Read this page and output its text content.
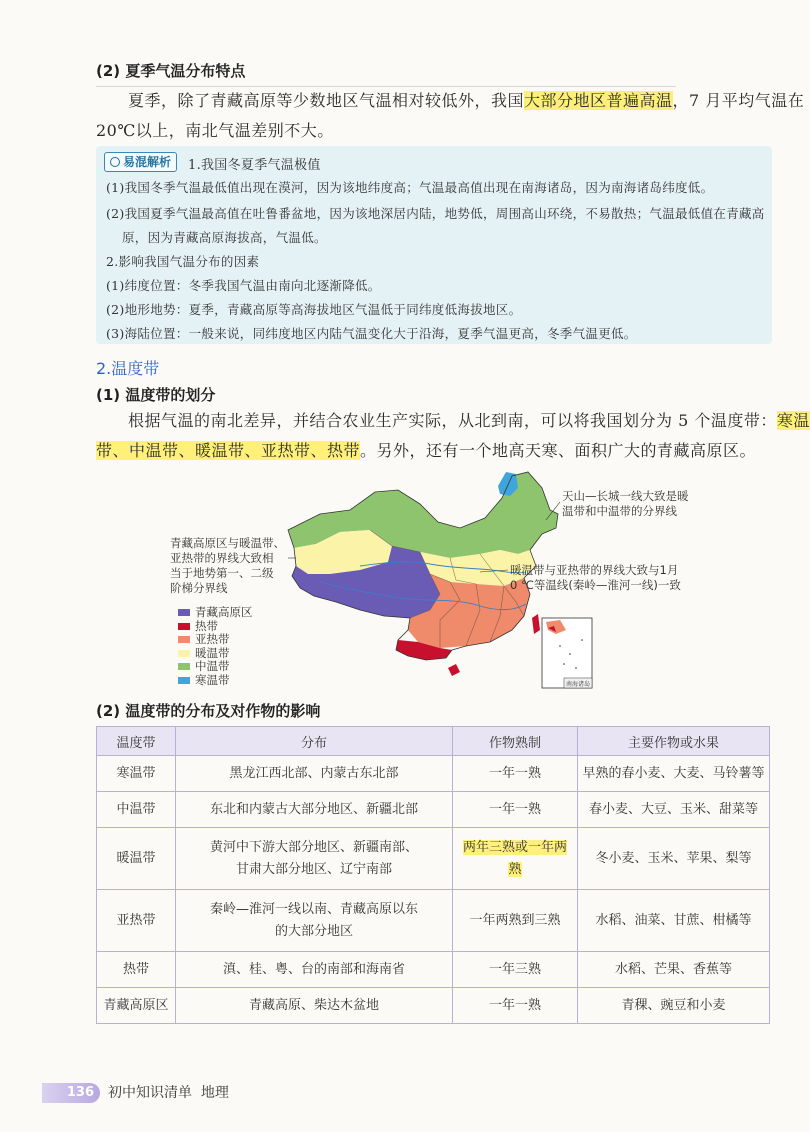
(2) 夏季气温分布特点
夏季，除了青藏高原等少数地区气温相对较低外，我国大部分地区普遍高温，7 月平均气温在
20℃以上，南北气温差别不大。
易混解析	1.我国冬夏季气温极值
(1)我国冬季气温最低值出现在漠河，因为该地纬度高；气温最高值出现在南海诸岛，因为南海诸岛纬度低。
(2)我国夏季气温最高值在吐鲁番盆地，因为该地深居内陆，地势低，周围高山环绕，不易散热；气温最低值在青藏高
原，因为青藏高原海拔高，气温低。
2.影响我国气温分布的因素
(1)纬度位置：冬季我国气温由南向北逐渐降低。
(2)地形地势：夏季，青藏高原等高海拔地区气温低于同纬度低海拔地区。
(3)海陆位置：一般来说，同纬度地区内陆气温变化大于沿海，夏季气温更高，冬季气温更低。
2.温度带
(1) 温度带的划分
根据气温的南北差异，并结合农业生产实际，从北到南，可以将我国划分为 5 个温度带：寒温
带、中温带、暖温带、亚热带、热带。另外，还有一个地高天寒、面积广大的青藏高原区。
南海诸岛
青藏高原区与暖温带、
亚热带的界线大致相
当于地势第一、二级
阶梯分界线
天山—长城一线大致是暖
温带和中温带的分界线
暖温带与亚热带的界线大致与1月
0 ℃等温线(秦岭—淮河一线)一致
青藏高原区
热带
亚热带
暖温带
中温带
寒温带
(2) 温度带的分布及对作物的影响
温度带	分布	作物熟制	主要作物或水果
寒温带	黑龙江西北部、内蒙古东北部	一年一熟	早熟的春小麦、大麦、马铃薯等
中温带	东北和内蒙古大部分地区、新疆北部	一年一熟	春小麦、大豆、玉米、甜菜等
暖温带	黄河中下游大部分地区、新疆南部、
甘肃大部分地区、辽宁南部	两年三熟或一年两熟	冬小麦、玉米、苹果、梨等
亚热带	秦岭—淮河一线以南、青藏高原以东
的大部分地区	一年两熟到三熟	水稻、油菜、甘蔗、柑橘等
热带	滇、桂、粤、台的南部和海南省	一年三熟	水稻、芒果、香蕉等
青藏高原区	青藏高原、柴达木盆地	一年一熟	青稞、豌豆和小麦
136	初中知识清单 地理
